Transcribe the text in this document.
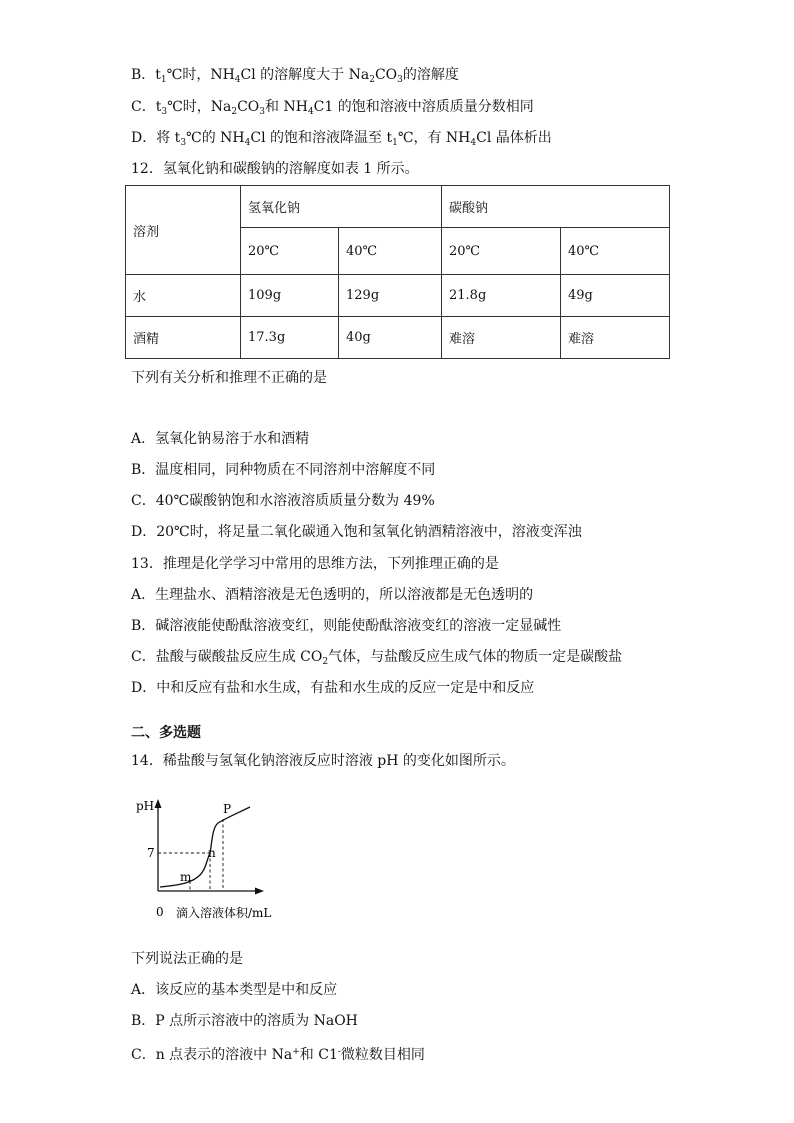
B．$t_1℃$时，$NH_4Cl$ 的溶解度大于 $Na_2CO_3$的溶解度
C．$t_3℃$时，$Na_2CO_3$和 $NH_4C1$ 的饱和溶液中溶质质量分数相同
D．将 $t_3℃$的 $NH_4Cl$ 的饱和溶液降温至 $t_1℃$，有 $NH_4Cl$ 晶体析出
12．氢氧化钠和碳酸钠的溶解度如表 1 所示。
溶剂	氢氧化钠		碳酸钠	
	20℃	40℃	20℃	40℃
水	109g	129g	21.8g	49g
酒精	17.3g	40g	难溶	难溶
下列有关分析和推理不正确的是
A．氢氧化钠易溶于水和酒精
B．温度相同，同种物质在不同溶剂中溶解度不同
C．40℃碳酸钠饱和水溶液溶质质量分数为 49%
D．20℃时，将足量二氧化碳通入饱和氢氧化钠酒精溶液中，溶液变浑浊
13．推理是化学学习中常用的思维方法，下列推理正确的是
A．生理盐水、酒精溶液是无色透明的，所以溶液都是无色透明的
B．碱溶液能使酚酞溶液变红，则能使酚酞溶液变红的溶液一定显碱性
C．盐酸与碳酸盐反应生成 $CO_2$气体，与盐酸反应生成气体的物质一定是碳酸盐
D．中和反应有盐和水生成，有盐和水生成的反应一定是中和反应
二、多选题
14．稀盐酸与氢氧化钠溶液反应时溶液 pH 的变化如图所示。
pH
7
0 滴入溶液体积/mL
m
n
P
下列说法正确的是
A．该反应的基本类型是中和反应
B．P 点所示溶液中的溶质为 NaOH
C．n 点表示的溶液中 Na+和 C1-微粒数目相同
